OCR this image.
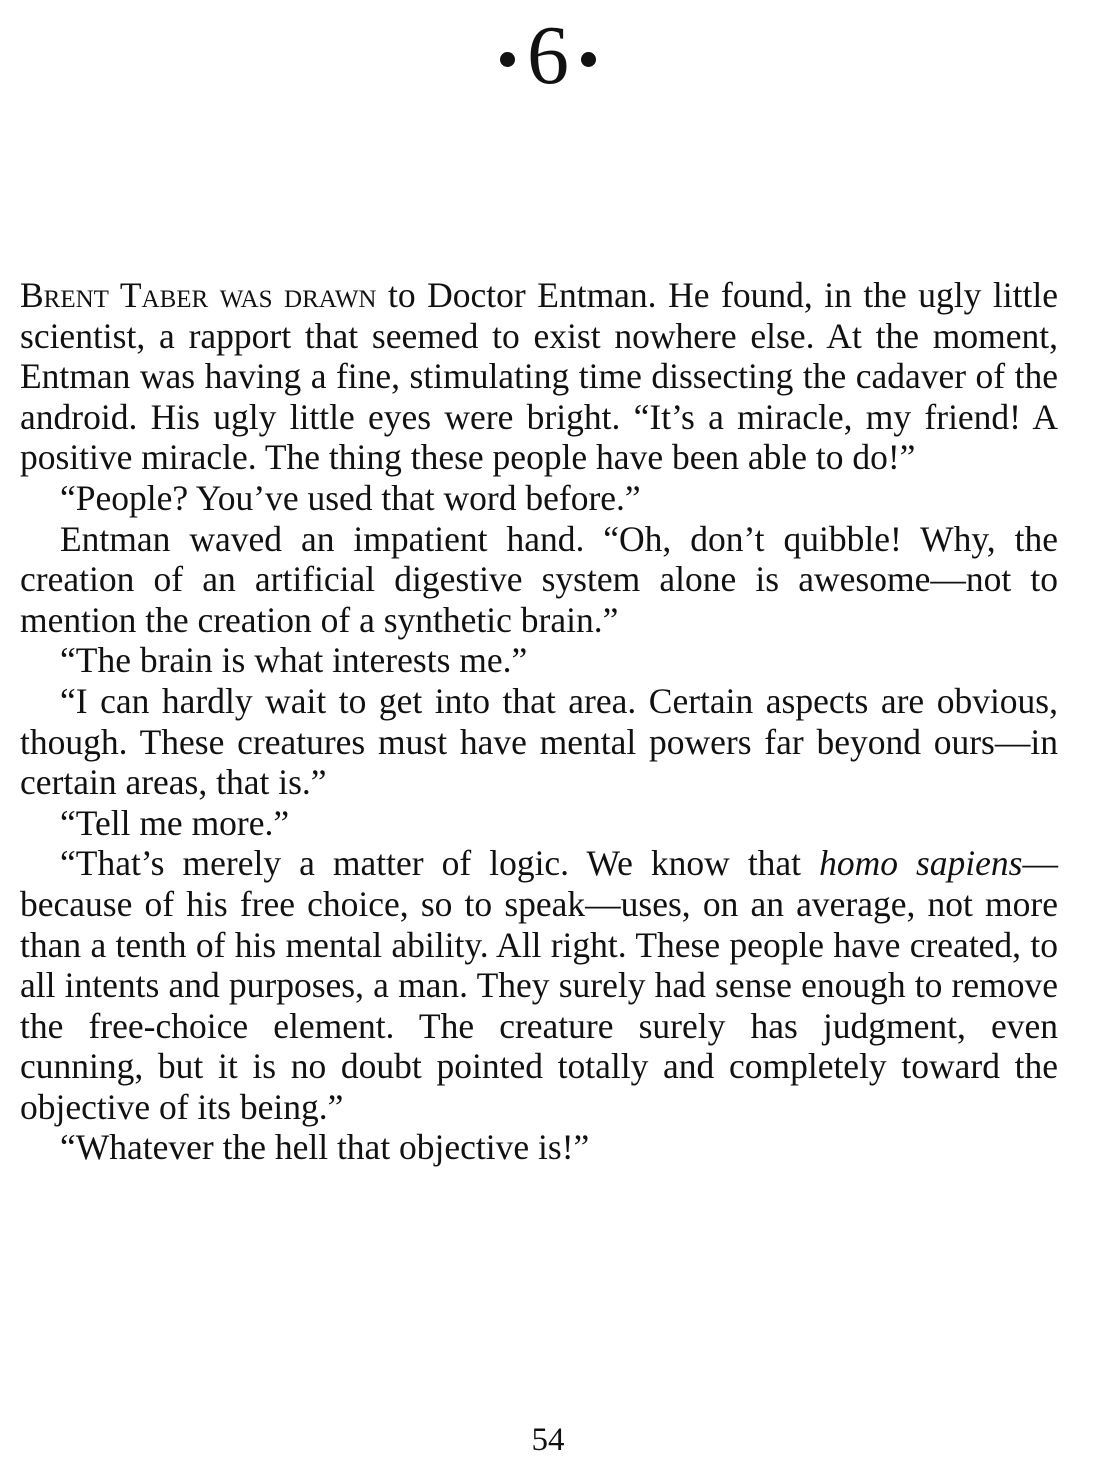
6

Brent Taber was drawn to Doctor Entman. He found, in the ugly little scientist, a rapport that seemed to exist nowhere else. At the moment, Entman was having a fine, stimulating time dissecting the cadaver of the android. His ugly little eyes were bright. “It’s a miracle, my friend! A positive miracle. The thing these people have been able to do!”

“People? You’ve used that word before.”

Entman waved an impatient hand. “Oh, don’t quibble! Why, the creation of an artificial digestive system alone is awesome—not to mention the creation of a synthetic brain.”

“The brain is what interests me.”

“I can hardly wait to get into that area. Certain aspects are obvious, though. These creatures must have mental powers far beyond ours—in certain areas, that is.”

“Tell me more.”

“That’s merely a matter of logic. We know that homo sapiens—because of his free choice, so to speak—uses, on an average, not more than a tenth of his mental ability. All right. These people have created, to all intents and purposes, a man. They surely had sense enough to remove the free-choice element. The creature surely has judgment, even cunning, but it is no doubt pointed totally and completely toward the objective of its being.”

“Whatever the hell that objective is!”

54
